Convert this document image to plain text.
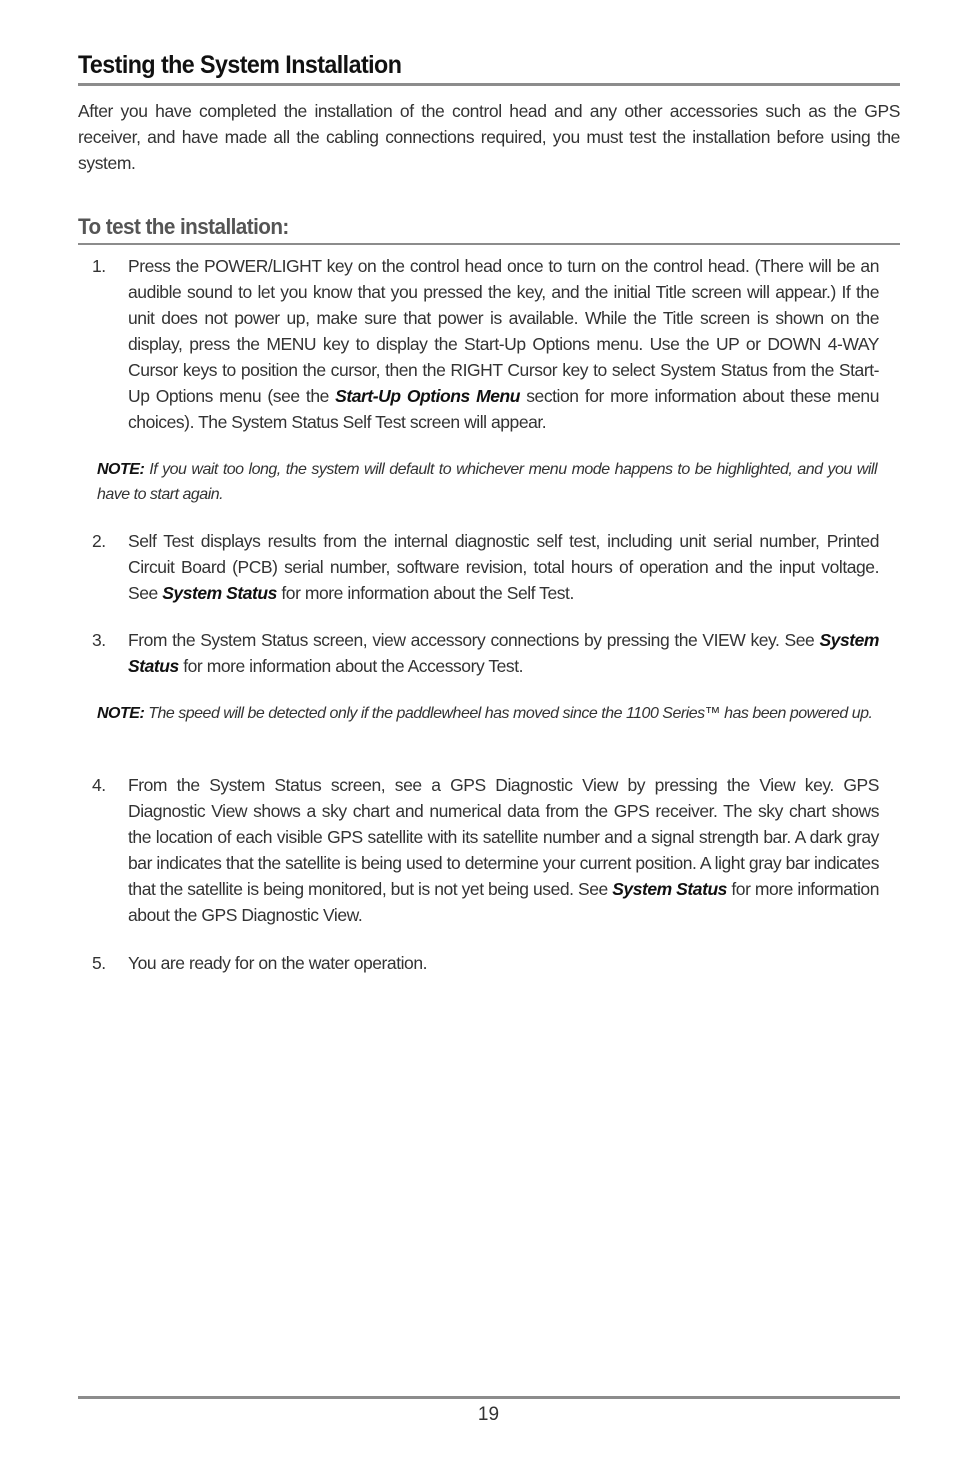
Testing the System Installation

After you have completed the installation of the control head and any other accessories such as the GPS receiver, and have made all the cabling connections required, you must test the installation before using the system.

To test the installation:
1.	Press the POWER/LIGHT key on the control head once to turn on the control head. (There will be an audible sound to let you know that you pressed the key, and the initial Title screen will appear.) If the unit does not power up, make sure that power is available. While the Title screen is shown on the display, press the MENU key to display the Start-Up Options menu. Use the UP or DOWN 4-WAY Cursor keys to position the cursor, then the RIGHT Cursor key to select System Status from the Start-Up Options menu (see the Start-Up Options Menu section for more information about these menu choices). The System Status Self Test screen will appear.

NOTE: If you wait too long, the system will default to whichever menu mode happens to be highlighted, and you will have to start again.

2.	Self Test displays results from the internal diagnostic self test, including unit serial number, Printed Circuit Board (PCB) serial number, software revision, total hours of operation and the input voltage. See System Status for more information about the Self Test.
3.	From the System Status screen, view accessory connections by pressing the VIEW key. See System Status for more information about the Accessory Test.

NOTE: The speed will be detected only if the paddlewheel has moved since the 1100 Series™ has been powered up.

4.	From the System Status screen, see a GPS Diagnostic View by pressing the View key. GPS Diagnostic View shows a sky chart and numerical data from the GPS receiver. The sky chart shows the location of each visible GPS satellite with its satellite number and a signal strength bar. A dark gray bar indicates that the satellite is being used to determine your current position. A light gray bar indicates that the satellite is being monitored, but is not yet being used. See System Status for more information about the GPS Diagnostic View.
5.	You are ready for on the water operation.
19
